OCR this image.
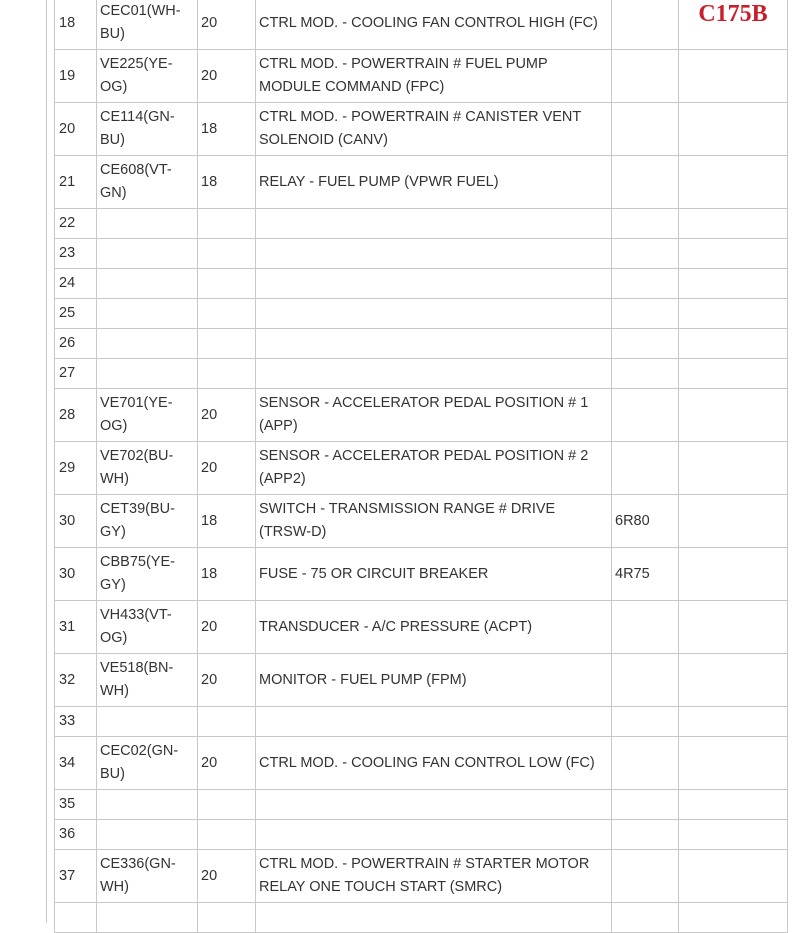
18	CEC01(WH-BU)	20	CTRL MOD. - COOLING FAN CONTROL HIGH (FC)		C175B

19	VE225(YE-OG)	20	CTRL MOD. - POWERTRAIN # FUEL PUMP MODULE COMMAND (FPC)		
20	CE114(GN-BU)	18	CTRL MOD. - POWERTRAIN # CANISTER VENT SOLENOID (CANV)		
21	CE608(VT-GN)	18	RELAY - FUEL PUMP (VPWR FUEL)		
22					
23					
24					
25					
26					
27					
28	VE701(YE-OG)	20	SENSOR - ACCELERATOR PEDAL POSITION # 1 (APP)		
29	VE702(BU-WH)	20	SENSOR - ACCELERATOR PEDAL POSITION # 2 (APP2)		
30	CET39(BU-GY)	18	SWITCH - TRANSMISSION RANGE # DRIVE (TRSW-D)	6R80	
30	CBB75(YE-GY)	18	FUSE - 75 OR CIRCUIT BREAKER	4R75	
31	VH433(VT-OG)	20	TRANSDUCER - A/C PRESSURE (ACPT)		
32	VE518(BN-WH)	20	MONITOR - FUEL PUMP (FPM)		
33					
34	CEC02(GN-BU)	20	CTRL MOD. - COOLING FAN CONTROL LOW (FC)		
35					
36					
37	CE336(GN-WH)	20	CTRL MOD. - POWERTRAIN # STARTER MOTOR RELAY ONE TOUCH START (SMRC)		
